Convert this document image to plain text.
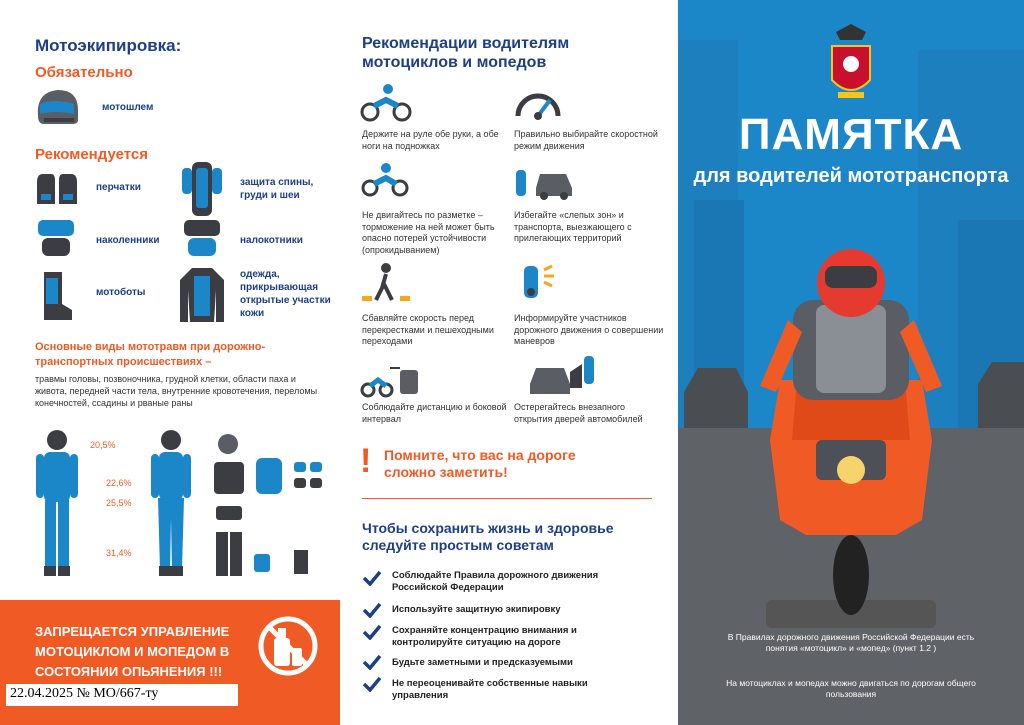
Мотоэкипировка:
Обязательно
мотошлем
Рекомендуется
перчатки	защита спины, груди и шеи
наколенники	налокотники
мотоботы
одежда, прикрывающая открытые участки кожи
Основные виды мототравм при дорожно-транспортных происшествиях –
травмы головы, позвоночника, грудной клетки, области паха и живота, передней части тела, внутренние кровотечения, переломы конечностей, ссадины и рваные раны
20,5%
22,6%
25,5%
31,4%
ЗАПРЕЩАЕТСЯ УПРАВЛЕНИЕ МОТОЦИКЛОМ И МОПЕДОМ В СОСТОЯНИИ ОПЬЯНЕНИЯ !!!
22.04.2025 № МО/667-ту
Рекомендации водителям мотоциклов и мопедов
Держите на руле обе руки, а обе ноги на подножках
Правильно выбирайте скоростной режим движения
Не двигайтесь по разметке – торможение на ней может быть опасно потерей устойчивости (опрокидыванием)
Избегайте «слепых зон» и транспорта, выезжающего с прилегающих территорий
Сбавляйте скорость перед перекрестками и пешеходными переходами
Информируйте участников дорожного движения о совершении маневров
Соблюдайте дистанцию и боковой интервал
Остерегайтесь внезапного открытия дверей автомобилей
! Помните, что вас на дороге сложно заметить!
Чтобы сохранить жизнь и здоровье следуйте простым советам
Соблюдайте Правила дорожного движения Российской Федерации
Используйте защитную экипировку
Сохраняйте концентрацию внимания и контролируйте ситуацию на дороге
Будьте заметными и предсказуемыми
Не переоценивайте собственные навыки управления
ПАМЯТКА
для водителей мототранспорта
В Правилах дорожного движения Российской Федерации есть понятия «мотоцикл» и «мопед» (пункт 1.2 )
На мотоциклах и мопедах можно двигаться по дорогам общего пользования
